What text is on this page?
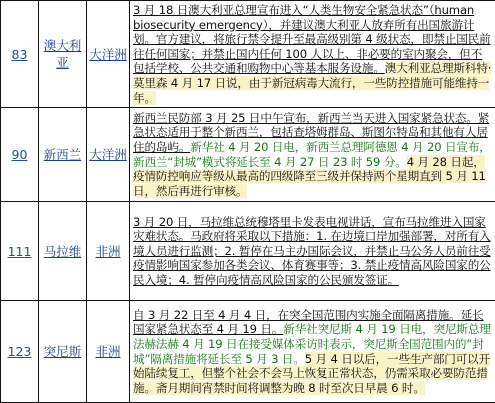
83	澳大利亚	大洋洲	3 月 18 日澳大利亚总理宣布进入“人类生物安全紧急状态”（human biosecurity emergency），并建议澳大利亚人放弃所有出国旅游计划。官方建议，将旅行禁令提升至最高级别第 4 级状态，即禁止国民前往任何国家；并禁止国内任何 100 人以上、非必要的室内聚会，但不包括学校、公共交通和购物中心等基本服务设施。澳大利亚总理斯科特·莫里森 4 月 17 日说，由于新冠病毒大流行，一些防控措施可能维持一年。
90	新西兰	大洋洲	新西兰民防部 3 月 25 日中午宣布，新西兰当天进入国家紧急状态。紧急状态适用于整个新西兰，包括查塔姆群岛、斯图尔特岛和其他有人居住的岛屿。新华社 4 月 20 日电，新西兰总理阿德恩 4 月 20 日宣布，新西兰“封城”模式将延长至 4 月 27 日 23 时 59 分。4 月 28 日起，疫情防控响应等级从最高的四级降至三级并保持两个星期直到 5 月 11 日，然后再进行审核。
111	马拉维	非洲	3 月 20 日，马拉维总统穆塔里卡发表电视讲话，宣布马拉维进入国家灾难状态。马政府将采取以下措施：1. 在边境口岸加强部署，对所有入境人员进行监测；2. 暂停在马主办国际会议，并禁止马公务人员前往受疫情影响国家参加各类会议、体育赛事等；3. 禁止疫情高风险国家的公民入境；4. 暂停向疫情高风险国家的公民颁发签证。
123	突尼斯	非洲	自 3 月 22 日至 4 月 4 日，在突全国范围内实施全面隔离措施。延长国家紧急状态至 4 月 19 日。新华社突尼斯 4 月 19 日电，突尼斯总理法赫法赫 4 月 19 日在接受媒体采访时表示，突尼斯全国范围内的“封城”隔离措施将延长至 5 月 3 日。5 月 4 日以后，一些生产部门可以开始陆续复工，但整个社会不会马上恢复正常状态，仍需采取必要防范措施。斋月期间宵禁时间将调整为晚 8 时至次日早晨 6 时。
